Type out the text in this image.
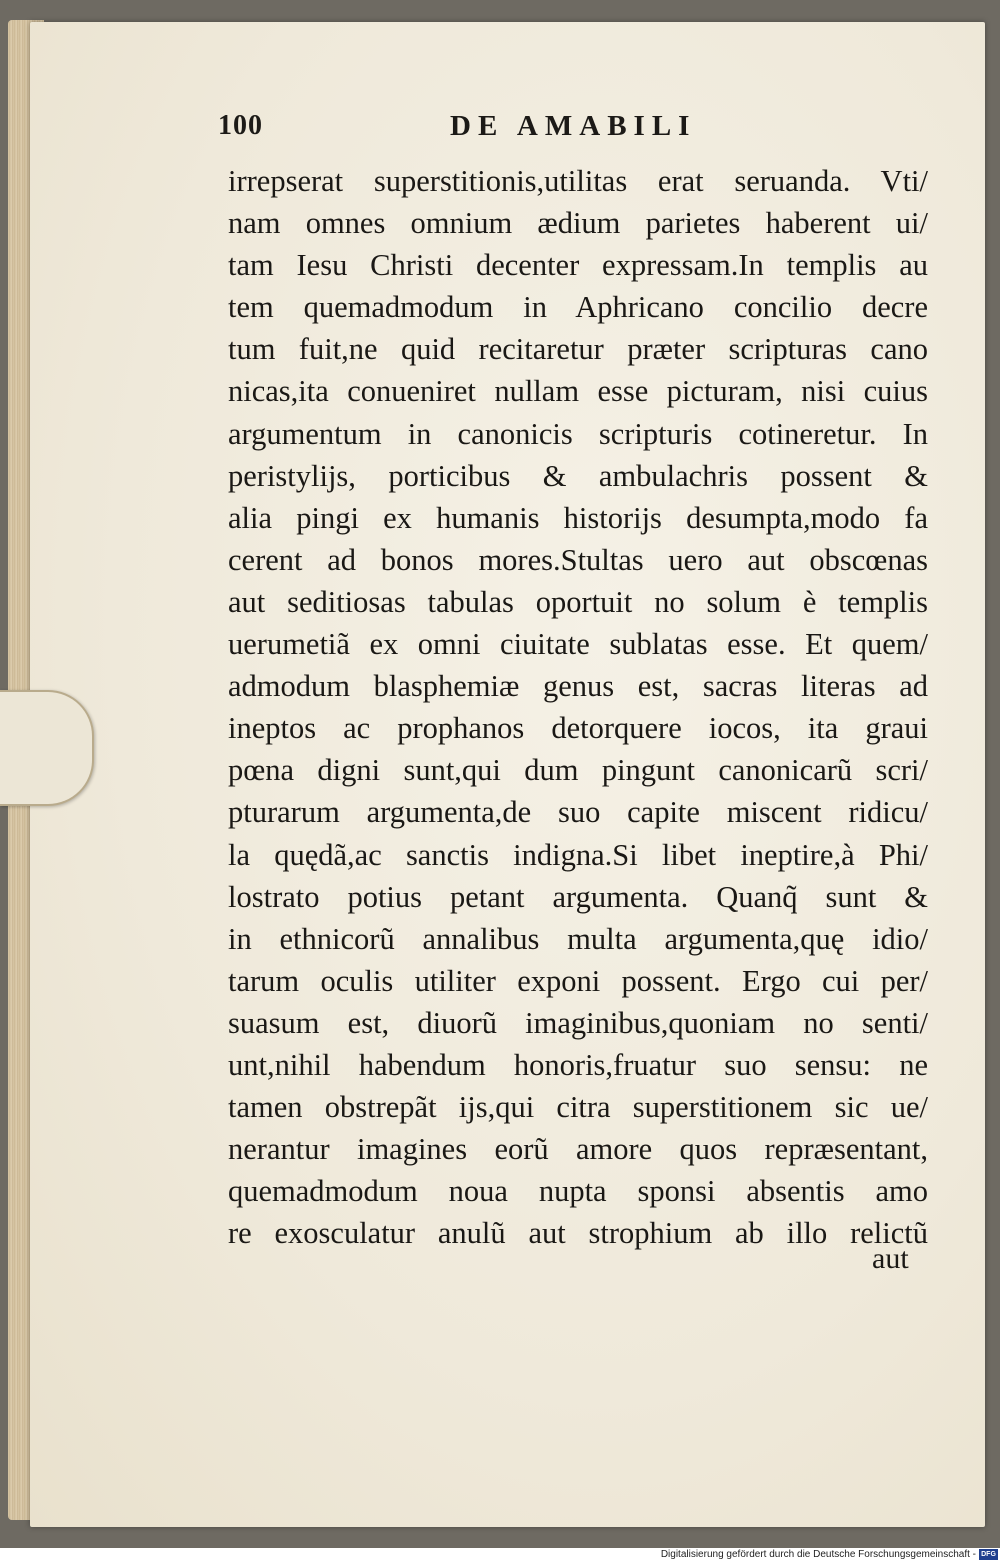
100	DE AMABILI
irrepserat superstitionis,utilitas erat seruanda. Vti/
nam omnes omnium ædium parietes haberent ui/
tam Iesu Christi decenter expressam.In templis au
tem quemadmodum in Aphricano concilio decre
tum fuit,ne quid recitaretur præter scripturas cano
nicas,ita conueniret nullam esse picturam, nisi cuius
argumentum in canonicis scripturis cotineretur. In
peristylijs, porticibus & ambulachris possent &
alia pingi ex humanis historijs desumpta,modo fa
cerent ad bonos mores.Stultas uero aut obscœnas
aut seditiosas tabulas oportuit no solum è templis
uerumetiã ex omni ciuitate sublatas esse. Et quem/
admodum blasphemiæ genus est, sacras literas ad
ineptos ac prophanos detorquere iocos, ita graui
pœna digni sunt,qui dum pingunt canonicarũ scri/
pturarum argumenta,de suo capite miscent ridicu/
la quędã,ac sanctis indigna.Si libet ineptire,à Phi/
lostrato potius petant argumenta. Quanq̃ sunt &
in ethnicorũ annalibus multa argumenta,quę idio/
tarum oculis utiliter exponi possent. Ergo cui per/
suasum est, diuorũ imaginibus,quoniam no senti/
unt,nihil habendum honoris,fruatur suo sensu: ne
tamen obstrepãt ijs,qui citra superstitionem sic ue/
nerantur imagines eorũ amore quos repræsentant,
quemadmodum noua nupta sponsi absentis amo
re exosculatur anulũ aut strophium ab illo relictũ
aut
Digitalisierung gefördert durch die Deutsche Forschungsgemeinschaft - DFG
